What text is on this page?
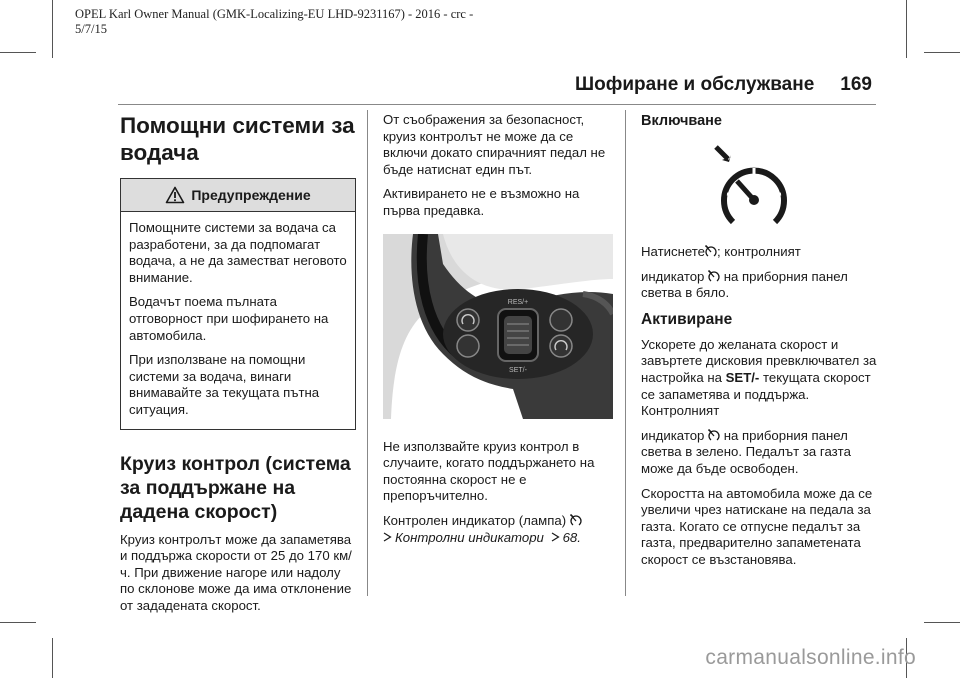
OPEL Karl Owner Manual (GMK-Localizing-EU LHD-9231167) - 2016 - crc -
5/7/15
Шофиране и обслужване 169
Помощни системи за водача
Предупреждение

Помощните системи за водача са разработени, за да подпомагат водача, а не да заместват неговото внимание.

Водачът поема пълната отговорност при шофирането на автомобила.

При използване на помощни системи за водача, винаги внимавайте за текущата пътна ситуация.

Круиз контрол (система за поддържане на дадена скорост)

Круиз контролът може да запаметява и поддържа скорости от 25 до 170 км/ч. При движение нагоре или надолу по склонове може да има отклонение от зададената скорост.

От съображения за безопасност, круиз контролът не може да се включи докато спирачният педал не бъде натиснат един път.

Активирането не е възможно на първа предавка.

RES/+
SET/-

Не използвайте круиз контрол в случаите, когато поддържането на постоянна скорост не е препоръчително.

Контролен индикатор (лампа)
Контролни индикатори 68.

Включване

Натиснете ; контролният

индикатор на приборния панел светва в бяло.

Активиране

Ускорете до желаната скорост и завъртете дисковия превключвател за настройка на SET/- текущата скорост се запаметява и поддържа. Контролният

индикатор на приборния панел светва в зелено. Педалът за газта може да бъде освободен.

Скоростта на автомобила може да се увеличи чрез натискане на педала за газта. Когато се отпусне педалът за газта, предварително запаметената скорост се възстановява.

carmanualsonline.info
